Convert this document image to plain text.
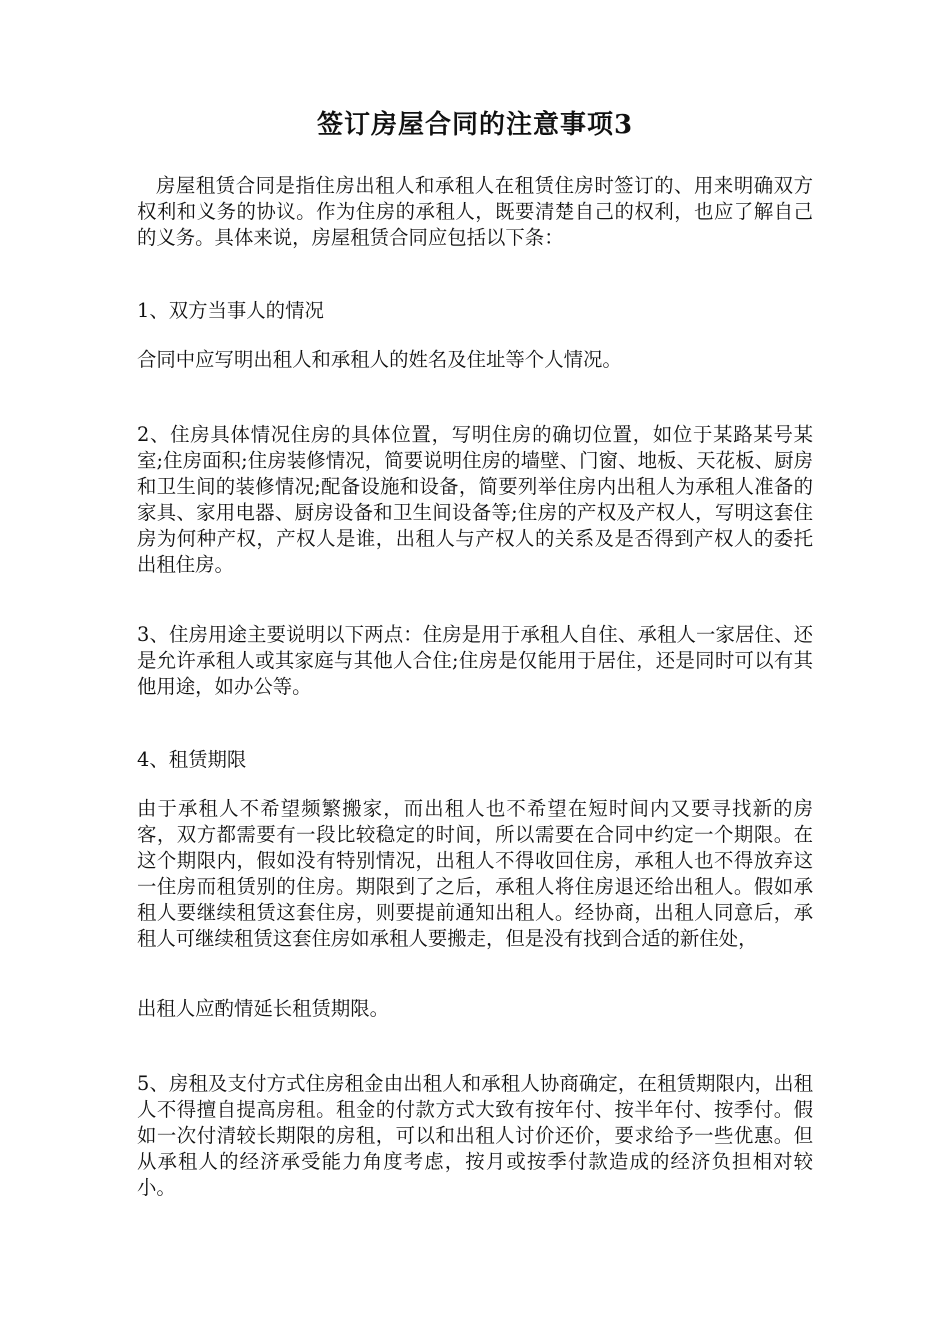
签订房屋合同的注意事项3

房屋租赁合同是指住房出租人和承租人在租赁住房时签订的、用来明确双方权利和义务的协议。作为住房的承租人，既要清楚自己的权利，也应了解自己的义务。具体来说，房屋租赁合同应包括以下条：

1、双方当事人的情况

合同中应写明出租人和承租人的姓名及住址等个人情况。

2、住房具体情况住房的具体位置，写明住房的确切位置，如位于某路某号某室;住房面积;住房装修情况，简要说明住房的墙壁、门窗、地板、天花板、厨房和卫生间的装修情况;配备设施和设备，简要列举住房内出租人为承租人准备的家具、家用电器、厨房设备和卫生间设备等;住房的产权及产权人，写明这套住房为何种产权，产权人是谁，出租人与产权人的关系及是否得到产权人的委托出租住房。

3、住房用途主要说明以下两点：住房是用于承租人自住、承租人一家居住、还是允许承租人或其家庭与其他人合住;住房是仅能用于居住，还是同时可以有其他用途，如办公等。

4、租赁期限

由于承租人不希望频繁搬家，而出租人也不希望在短时间内又要寻找新的房客，双方都需要有一段比较稳定的时间，所以需要在合同中约定一个期限。在这个期限内，假如没有特别情况，出租人不得收回住房，承租人也不得放弃这一住房而租赁别的住房。期限到了之后，承租人将住房退还给出租人。假如承租人要继续租赁这套住房，则要提前通知出租人。经协商，出租人同意后，承租人可继续租赁这套住房如承租人要搬走，但是没有找到合适的新住处，

出租人应酌情延长租赁期限。

5、房租及支付方式住房租金由出租人和承租人协商确定，在租赁期限内，出租人不得擅自提高房租。租金的付款方式大致有按年付、按半年付、按季付。假如一次付清较长期限的房租，可以和出租人讨价还价，要求给予一些优惠。但从承租人的经济承受能力角度考虑，按月或按季付款造成的经济负担相对较小。
